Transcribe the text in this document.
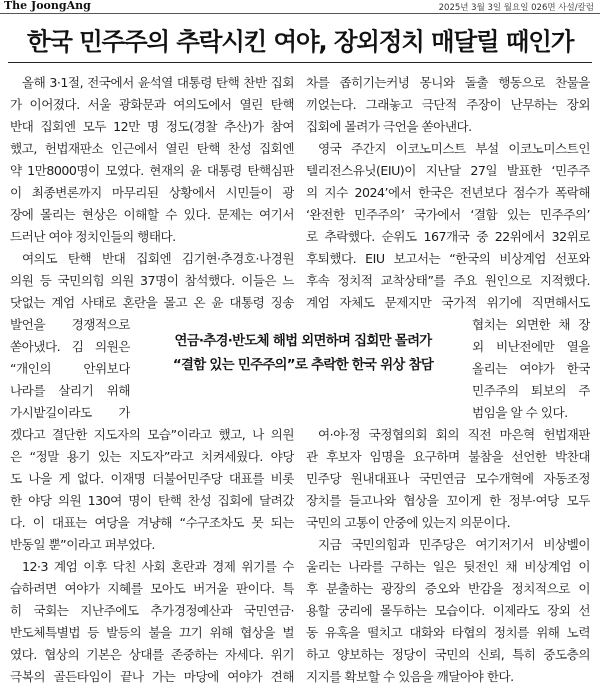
The JoongAng	2025년 3월 3일 월요일 026면 사설/칼럼
한국 민주주의 추락시킨 여야, 장외정치 매달릴 때인가
올해 3·1절, 전국에서 윤석열 대통령 탄핵 찬반 집회
가 이어졌다. 서울 광화문과 여의도에서 열린 탄핵
반대 집회엔 모두 12만 명 정도(경찰 추산)가 참여
했고, 헌법재판소 인근에서 열린 탄핵 찬성 집회엔
약 1만8000명이 모였다. 현재의 윤 대통령 탄핵심판
이 최종변론까지 마무리된 상황에서 시민들이 광
장에 몰리는 현상은 이해할 수 있다. 문제는 여기서
드러난 여야 정치인들의 행태다.
여의도 탄핵 반대 집회엔 김기현·추경호·나경원
의원 등 국민의힘 의원 37명이 참석했다. 이들은 느
닷없는 계엄 사태로 혼란을 몰고 온 윤 대통령 징송
발언을 경쟁적으로
쏟아냈다. 김 의원은
“개인의 안위보다
나라를 살리기 위해
가시밭길이라도 가
겠다고 결단한 지도자의 모습”이라고 했고, 나 의원
은 “정말 용기 있는 지도자”라고 치켜세웠다. 야당
도 나을 게 없다. 이재명 더불어민주당 대표를 비롯
한 야당 의원 130여 명이 탄핵 찬성 집회에 달려갔
다. 이 대표는 여당을 겨냥해 “수구조차도 못 되는
반동일 뿐”이라고 퍼부었다.
12·3 계엄 이후 닥친 사회 혼란과 경제 위기를 수
습하려면 여야가 지혜를 모아도 버거울 판이다. 특
히 국회는 지난주에도 추가경정예산과 국민연금·
반도체특별법 등 발등의 불을 끄기 위해 협상을 벌
였다. 협상의 기본은 상대를 존중하는 자세다. 위기
극복의 골든타임이 끝나 가는 마당에 여야가 견해
차를 좁히기는커녕 몽니와 돌출 행동으로 찬물을
끼얹는다. 그래놓고 극단적 주장이 난무하는 장외
집회에 몰려가 극언을 쏟아낸다.
영국 주간지 이코노미스트 부설 이코노미스트인
텔리전스유닛(EIU)이 지난달 27일 발표한 ‘민주주
의 지수 2024’에서 한국은 전년보다 점수가 폭락해
‘완전한 민주주의’ 국가에서 ‘결함 있는 민주주의’
로 추락했다. 순위도 167개국 중 22위에서 32위로
후퇴했다. EIU 보고서는 “한국의 비상계엄 선포와
후속 정치적 교착상태”를 주요 원인으로 지적했다.
계엄 자체도 문제지만 국가적 위기에 직면해서도
협치는 외면한 채 장
외 비난전에만 열을
올리는 여야가 한국
민주주의 퇴보의 주
범임을 알 수 있다.
여·야·정 국정협의회 회의 직전 마은혁 헌법재판
관 후보자 임명을 요구하며 불참을 선언한 박찬대
민주당 원내대표나 국민연금 모수개혁에 자동조정
장치를 들고나와 협상을 꼬이게 한 정부·여당 모두
국민의 고통이 안중에 있는지 의문이다.
지금 국민의힘과 민주당은 여기저기서 비상벨이
울리는 나라를 구하는 일은 뒷전인 채 비상계엄 이
후 분출하는 광장의 증오와 반감을 정치적으로 이
용할 궁리에 몰두하는 모습이다. 이제라도 장외 선
동 유혹을 떨치고 대화와 타협의 정치를 위해 노력
하고 양보하는 정당이 국민의 신뢰, 특히 중도층의
지지를 확보할 수 있음을 깨달아야 한다.
연금·추경·반도체 해법 외면하며 집회만 몰려가
“결함 있는 민주주의”로 추락한 한국 위상 참담
